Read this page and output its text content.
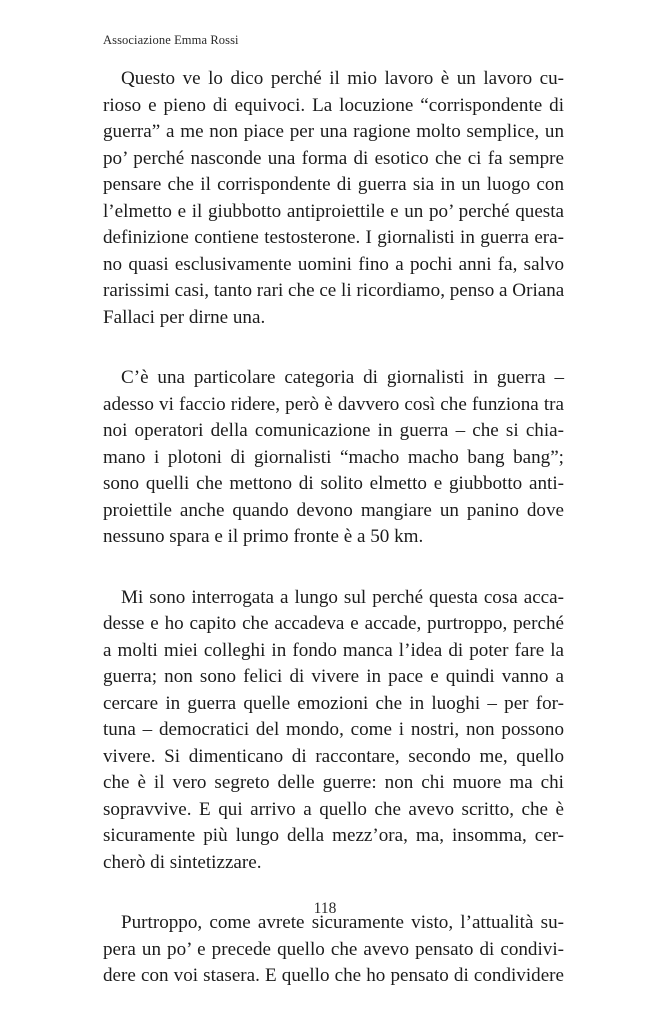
Associazione Emma Rossi

Questo ve lo dico perché il mio lavoro è un lavoro cu-
rioso e pieno di equivoci. La locuzione “corrispondente di
guerra” a me non piace per una ragione molto semplice, un
po’ perché nasconde una forma di esotico che ci fa sempre
pensare che il corrispondente di guerra sia in un luogo con
l’elmetto e il giubbotto antiproiettile e un po’ perché questa
definizione contiene testosterone. I giornalisti in guerra era-
no quasi esclusivamente uomini fino a pochi anni fa, salvo
rarissimi casi, tanto rari che ce li ricordiamo, penso a Oriana
Fallaci per dirne una.

C’è una particolare categoria di giornalisti in guerra –
adesso vi faccio ridere, però è davvero così che funziona tra
noi operatori della comunicazione in guerra – che si chia-
mano i plotoni di giornalisti “macho macho bang bang”;
sono quelli che mettono di solito elmetto e giubbotto anti-
proiettile anche quando devono mangiare un panino dove
nessuno spara e il primo fronte è a 50 km.

Mi sono interrogata a lungo sul perché questa cosa acca-
desse e ho capito che accadeva e accade, purtroppo, perché
a molti miei colleghi in fondo manca l’idea di poter fare la
guerra; non sono felici di vivere in pace e quindi vanno a
cercare in guerra quelle emozioni che in luoghi – per for-
tuna – democratici del mondo, come i nostri, non possono
vivere. Si dimenticano di raccontare, secondo me, quello
che è il vero segreto delle guerre: non chi muore ma chi
sopravvive. E qui arrivo a quello che avevo scritto, che è
sicuramente più lungo della mezz’ora, ma, insomma, cer-
cherò di sintetizzare.

Purtroppo, come avrete sicuramente visto, l’attualità su-
pera un po’ e precede quello che avevo pensato di condivi-
dere con voi stasera. E quello che ho pensato di condividere

118
